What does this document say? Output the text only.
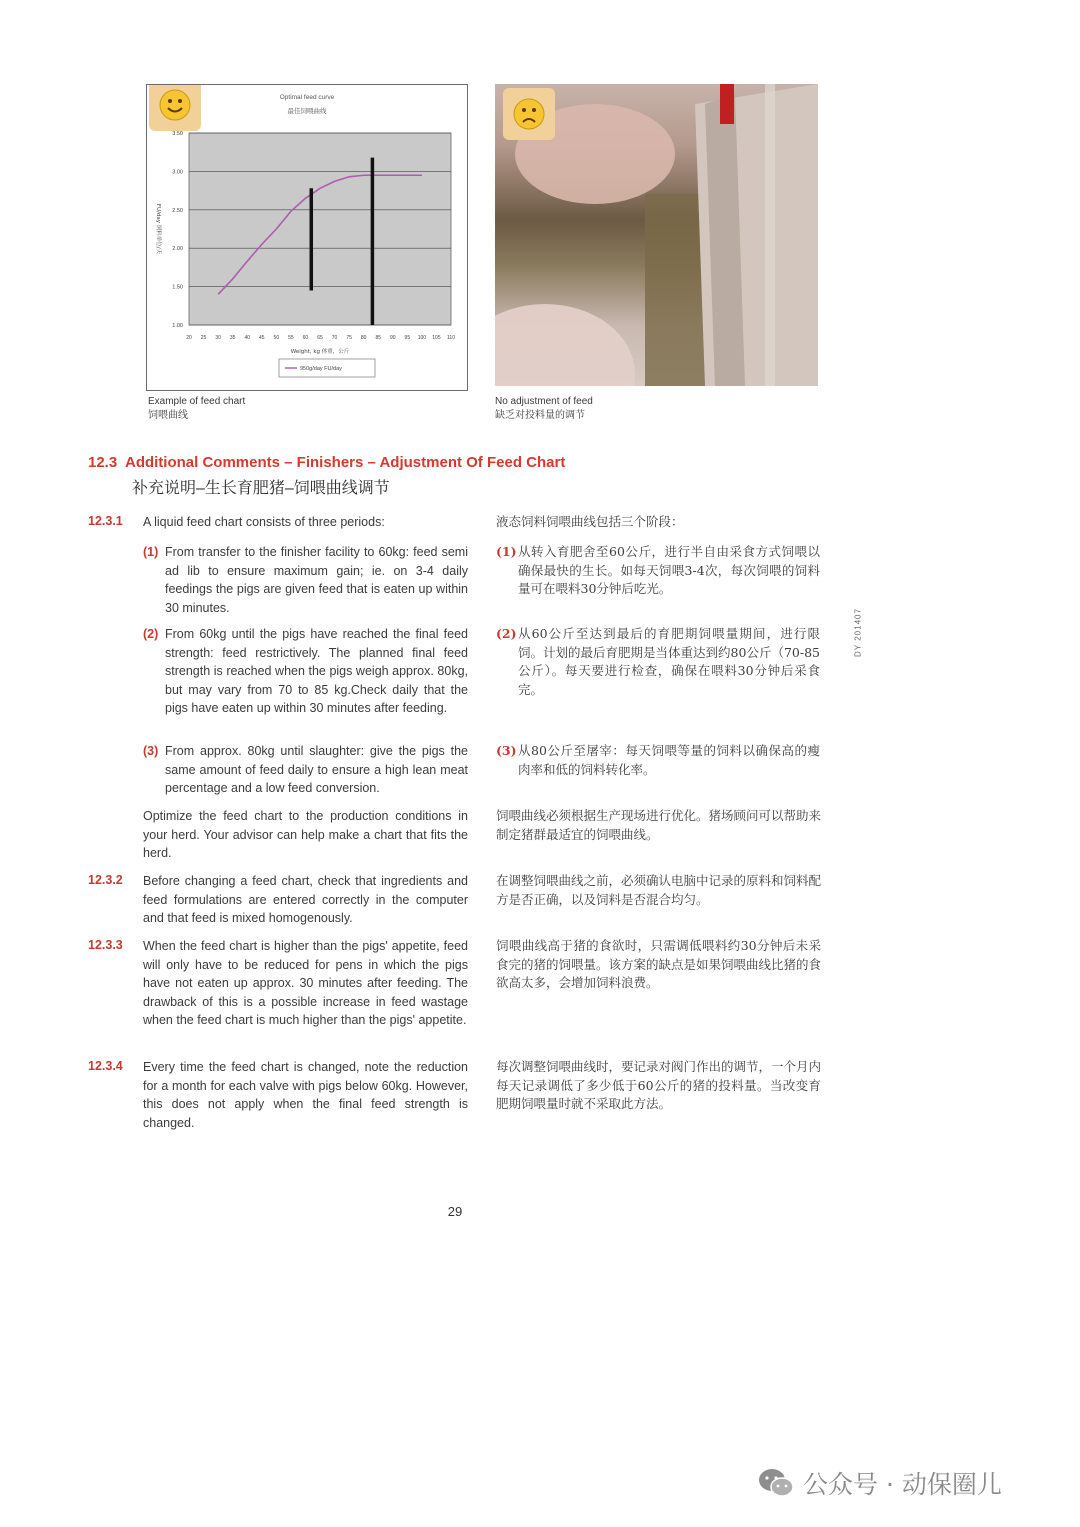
Optimal feed curve
最佳饲喂曲线
1.00
1.50
2.00
2.50
3.00
3.50
20 25 30 35 40 45 50 55 60 65 70 75 80 85 90 95 100 105 110
Weight, kg 体重，公斤
FU/day 饲料单位/天
950g/day FU/day
Example of feed chart
饲喂曲线
No adjustment of feed
缺乏对投料量的调节
12.3 Additional Comments – Finishers – Adjustment Of Feed Chart
补充说明–生长育肥猪–饲喂曲线调节
12.3.1 A liquid feed chart consists of three periods:	液态饲料饲喂曲线包括三个阶段：
(1) From transfer to the finisher facility to 60kg: feed semi ad lib to ensure maximum gain; ie. on 3-4 daily feedings the pigs are given feed that is eaten up within 30 minutes.
(1) 从转入育肥舍至60公斤，进行半自由采食方式饲喂以确保最快的生长。如每天饲喂3-4次，每次饲喂的饲料量可在喂料30分钟后吃光。
(2) From 60kg until the pigs have reached the final feed strength: feed restrictively. The planned final feed strength is reached when the pigs weigh approx. 80kg, but may vary from 70 to 85 kg.Check daily that the pigs have eaten up within 30 minutes after feeding.
(2) 从60公斤至达到最后的育肥期饲喂量期间，进行限饲。计划的最后育肥期是当体重达到约80公斤（70-85公斤）。每天要进行检查，确保在喂料30分钟后采食完。
(3) From approx. 80kg until slaughter: give the pigs the same amount of feed daily to ensure a high lean meat percentage and a low feed conversion.
(3) 从80公斤至屠宰：每天饲喂等量的饲料以确保高的瘦肉率和低的饲料转化率。
Optimize the feed chart to the production conditions in your herd. Your advisor can help make a chart that fits the herd.
饲喂曲线必须根据生产现场进行优化。猪场顾问可以帮助来制定猪群最适宜的饲喂曲线。
12.3.2 Before changing a feed chart, check that ingredients and feed formulations are entered correctly in the computer and that feed is mixed homogenously.
在调整饲喂曲线之前，必须确认电脑中记录的原料和饲料配方是否正确，以及饲料是否混合均匀。
12.3.3 When the feed chart is higher than the pigs' appetite, feed will only have to be reduced for pens in which the pigs have not eaten up approx. 30 minutes after feeding. The drawback of this is a possible increase in feed wastage when the feed chart is much higher than the pigs' appetite.
饲喂曲线高于猪的食欲时，只需调低喂料约30分钟后未采食完的猪的饲喂量。该方案的缺点是如果饲喂曲线比猪的食欲高太多，会增加饲料浪费。
12.3.4 Every time the feed chart is changed, note the reduction for a month for each valve with pigs below 60kg. However, this does not apply when the final feed strength is changed.
每次调整饲喂曲线时，要记录对阀门作出的调节，一个月内每天记录调低了多少低于60公斤的猪的投料量。当改变育肥期饲喂量时就不采取此方法。
DY 201407
29
公众号 · 动保圈儿
